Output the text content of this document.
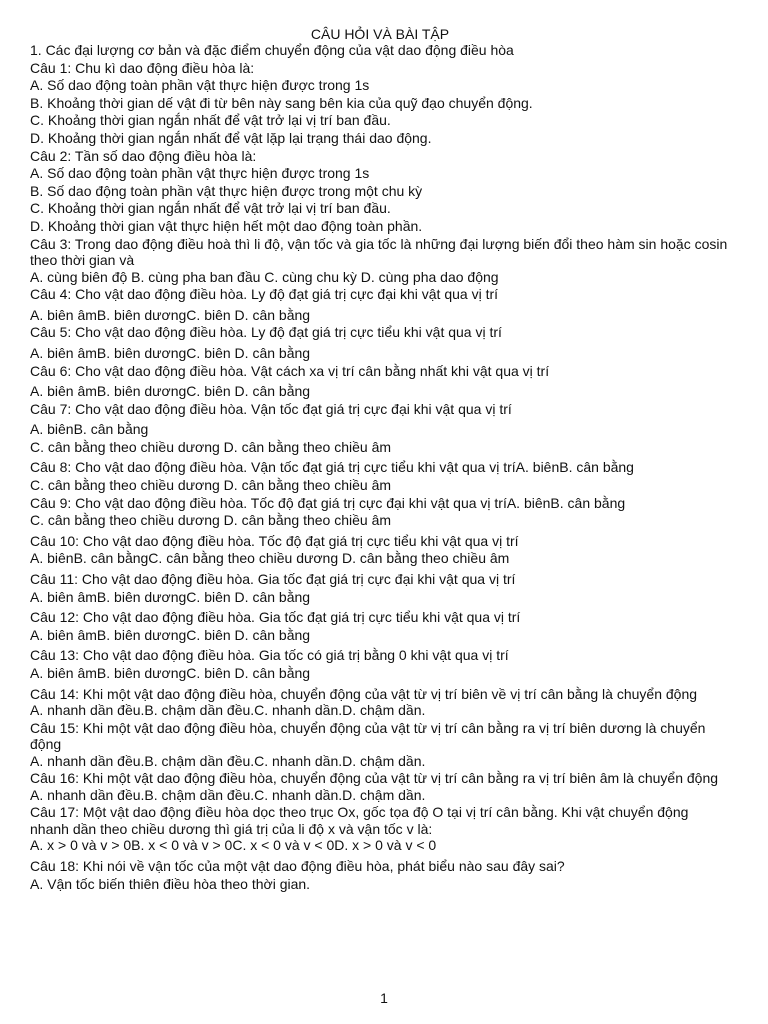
CÂU HỎI VÀ BÀI TẬP
1. Các đại lượng cơ bản và đặc điểm chuyển động của vật dao động điều hòa
Câu 1: Chu kì dao động điều hòa là:
A. Số dao động toàn phần vật thực hiện được trong 1s
B. Khoảng thời gian dế vật đi từ bên này sang bên kia của quỹ đạo chuyển động.
C. Khoảng thời gian ngắn nhất để vật trở lại vị trí ban đầu.
D. Khoảng thời gian ngắn nhất để vật lặp lại trạng thái dao động.
Câu 2: Tần số dao động điều hòa là:
A. Số dao động toàn phần vật thực hiện được trong 1s
B. Số dao động toàn phần vật thực hiện được trong một chu kỳ
C. Khoảng thời gian ngắn nhất để vật trở lại vị trí ban đầu.
D. Khoảng thời gian vật thực hiện hết một dao động toàn phần.
Câu 3: Trong dao động điều hoà thì li độ, vận tốc và gia tốc là những đại lượng biến đổi theo hàm sin hoặc cosin theo thời gian và
A. cùng biên độ B. cùng pha ban đầu C. cùng chu kỳ D. cùng pha dao động
Câu 4: Cho vật dao động điều hòa. Ly độ đạt giá trị cực đại khi vật qua vị trí
A. biên âmB. biên dươngC. biên D. cân bằng
Câu 5: Cho vật dao động điều hòa. Ly độ đạt giá trị cực tiểu khi vật qua vị trí
A. biên âmB. biên dươngC. biên D. cân bằng
Câu 6: Cho vật dao động điều hòa. Vật cách xa vị trí cân bằng nhất khi vật qua vị trí
A. biên âmB. biên dươngC. biên D. cân bằng
Câu 7: Cho vật dao động điều hòa. Vận tốc đạt giá trị cực đại khi vật qua vị trí
A. biênB. cân bằng
C. cân bằng theo chiều dương D. cân bằng theo chiều âm
Câu 8: Cho vật dao động điều hòa. Vận tốc đạt giá trị cực tiểu khi vật qua vị tríA. biênB. cân bằng
C. cân bằng theo chiều dương D. cân bằng theo chiều âm
Câu 9: Cho vật dao động điều hòa. Tốc độ đạt giá trị cực đại khi vật qua vị tríA. biênB. cân bằng
C. cân bằng theo chiều dương D. cân bằng theo chiều âm
Câu 10: Cho vật dao động điều hòa. Tốc độ đạt giá trị cực tiểu khi vật qua vị trí
A. biênB. cân bằngC. cân bằng theo chiều dương D. cân bằng theo chiều âm
Câu 11: Cho vật dao động điều hòa. Gia tốc đạt giá trị cực đại khi vật qua vị trí
A. biên âmB. biên dươngC. biên D. cân bằng
Câu 12: Cho vật dao động điều hòa. Gia tốc đạt giá trị cực tiểu khi vật qua vị trí
A. biên âmB. biên dươngC. biên D. cân bằng
Câu 13: Cho vật dao động điều hòa. Gia tốc có giá trị bằng 0 khi vật qua vị trí
A. biên âmB. biên dươngC. biên D. cân bằng
Câu 14: Khi một vật dao động điều hòa, chuyển động của vật từ vị trí biên về vị trí cân bằng là chuyển động
A. nhanh dần đều.B. chậm dần đều.C. nhanh dần.D. chậm dần.
Câu 15: Khi một vật dao động điều hòa, chuyển động của vật từ vị trí cân bằng ra vị trí biên dương là chuyển động
A. nhanh dần đều.B. chậm dần đều.C. nhanh dần.D. chậm dần.
Câu 16: Khi một vật dao động điều hòa, chuyển động của vật từ vị trí cân bằng ra vị trí biên âm là chuyển động
A. nhanh dần đều.B. chậm dần đều.C. nhanh dần.D. chậm dần.
Câu 17: Một vật dao động điều hòa dọc theo trục Ox, gốc tọa độ O tại vị trí cân bằng. Khi vật chuyển động nhanh dần theo chiều dương thì giá trị của li độ x và vận tốc v là:
A. x > 0 và v > 0B. x < 0 và v > 0C. x < 0 và v < 0D. x > 0 và v < 0
Câu 18: Khi nói về vận tốc của một vật dao động điều hòa, phát biểu nào sau đây sai?
A. Vận tốc biến thiên điều hòa theo thời gian.
1
